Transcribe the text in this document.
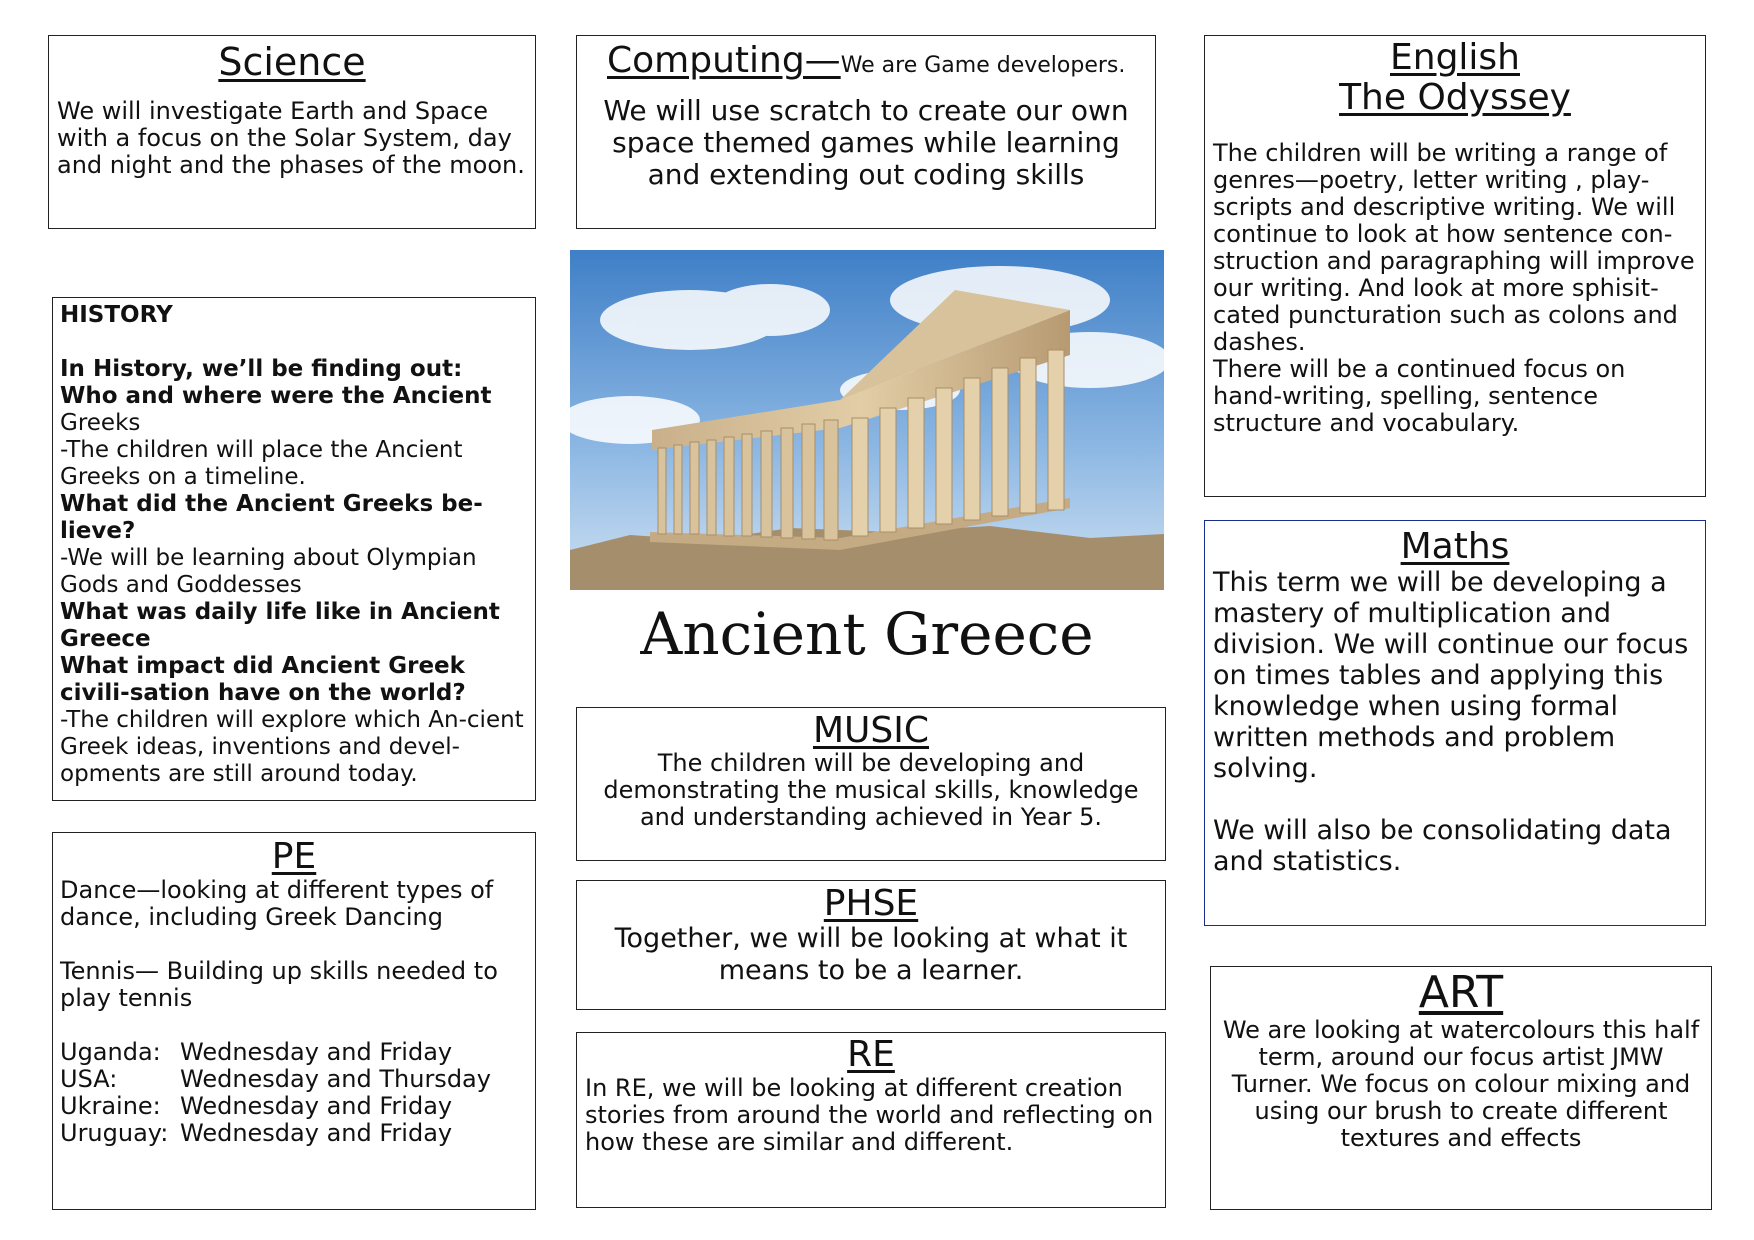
Science
We will investigate Earth and Space with a focus on the Solar System, day and night and the phases of the moon.
Computing—We are Game developers.
We will use scratch to create our own space themed games while learning and extending out coding skills
English
The Odyssey
The children will be writing a range of genres—poetry, letter writing , play-scripts and descriptive writing. We will continue to look at how sentence con-struction and paragraphing will improve our writing. And look at more sphisit-cated puncturation such as colons and dashes.
There will be a continued focus on hand-writing, spelling, sentence structure and vocabulary.
HISTORY
In History, we’ll be finding out:
Who and where were the Ancient
Greeks
-The children will place the Ancient Greeks on a timeline.
What did the Ancient Greeks be-lieve?
-We will be learning about Olympian Gods and Goddesses
What was daily life like in Ancient Greece
What impact did Ancient Greek civili-sation have on the world?
-The children will explore which An-cient Greek ideas, inventions and devel-opments are still around today.
Ancient Greece
Maths
This term we will be developing a mastery of multiplication and division. We will continue our focus on times tables and applying this knowledge when using formal written methods and problem solving.
We will also be consolidating data and statistics.
MUSIC
The children will be developing and demonstrating the musical skills, knowledge and understanding achieved in Year 5.
PE
Dance—looking at different types of dance, including Greek Dancing
Tennis— Building up skills needed to play tennis
Uganda: Wednesday and Friday
USA:	Wednesday and Thursday
Ukraine: Wednesday and Friday
Uruguay: Wednesday and Friday
PHSE
Together, we will be looking at what it means to be a learner.
RE
In RE, we will be looking at different creation stories from around the world and reflecting on how these are similar and different.
ART
We are looking at watercolours this half term, around our focus artist JMW Turner. We focus on colour mixing and using our brush to create different textures and effects
